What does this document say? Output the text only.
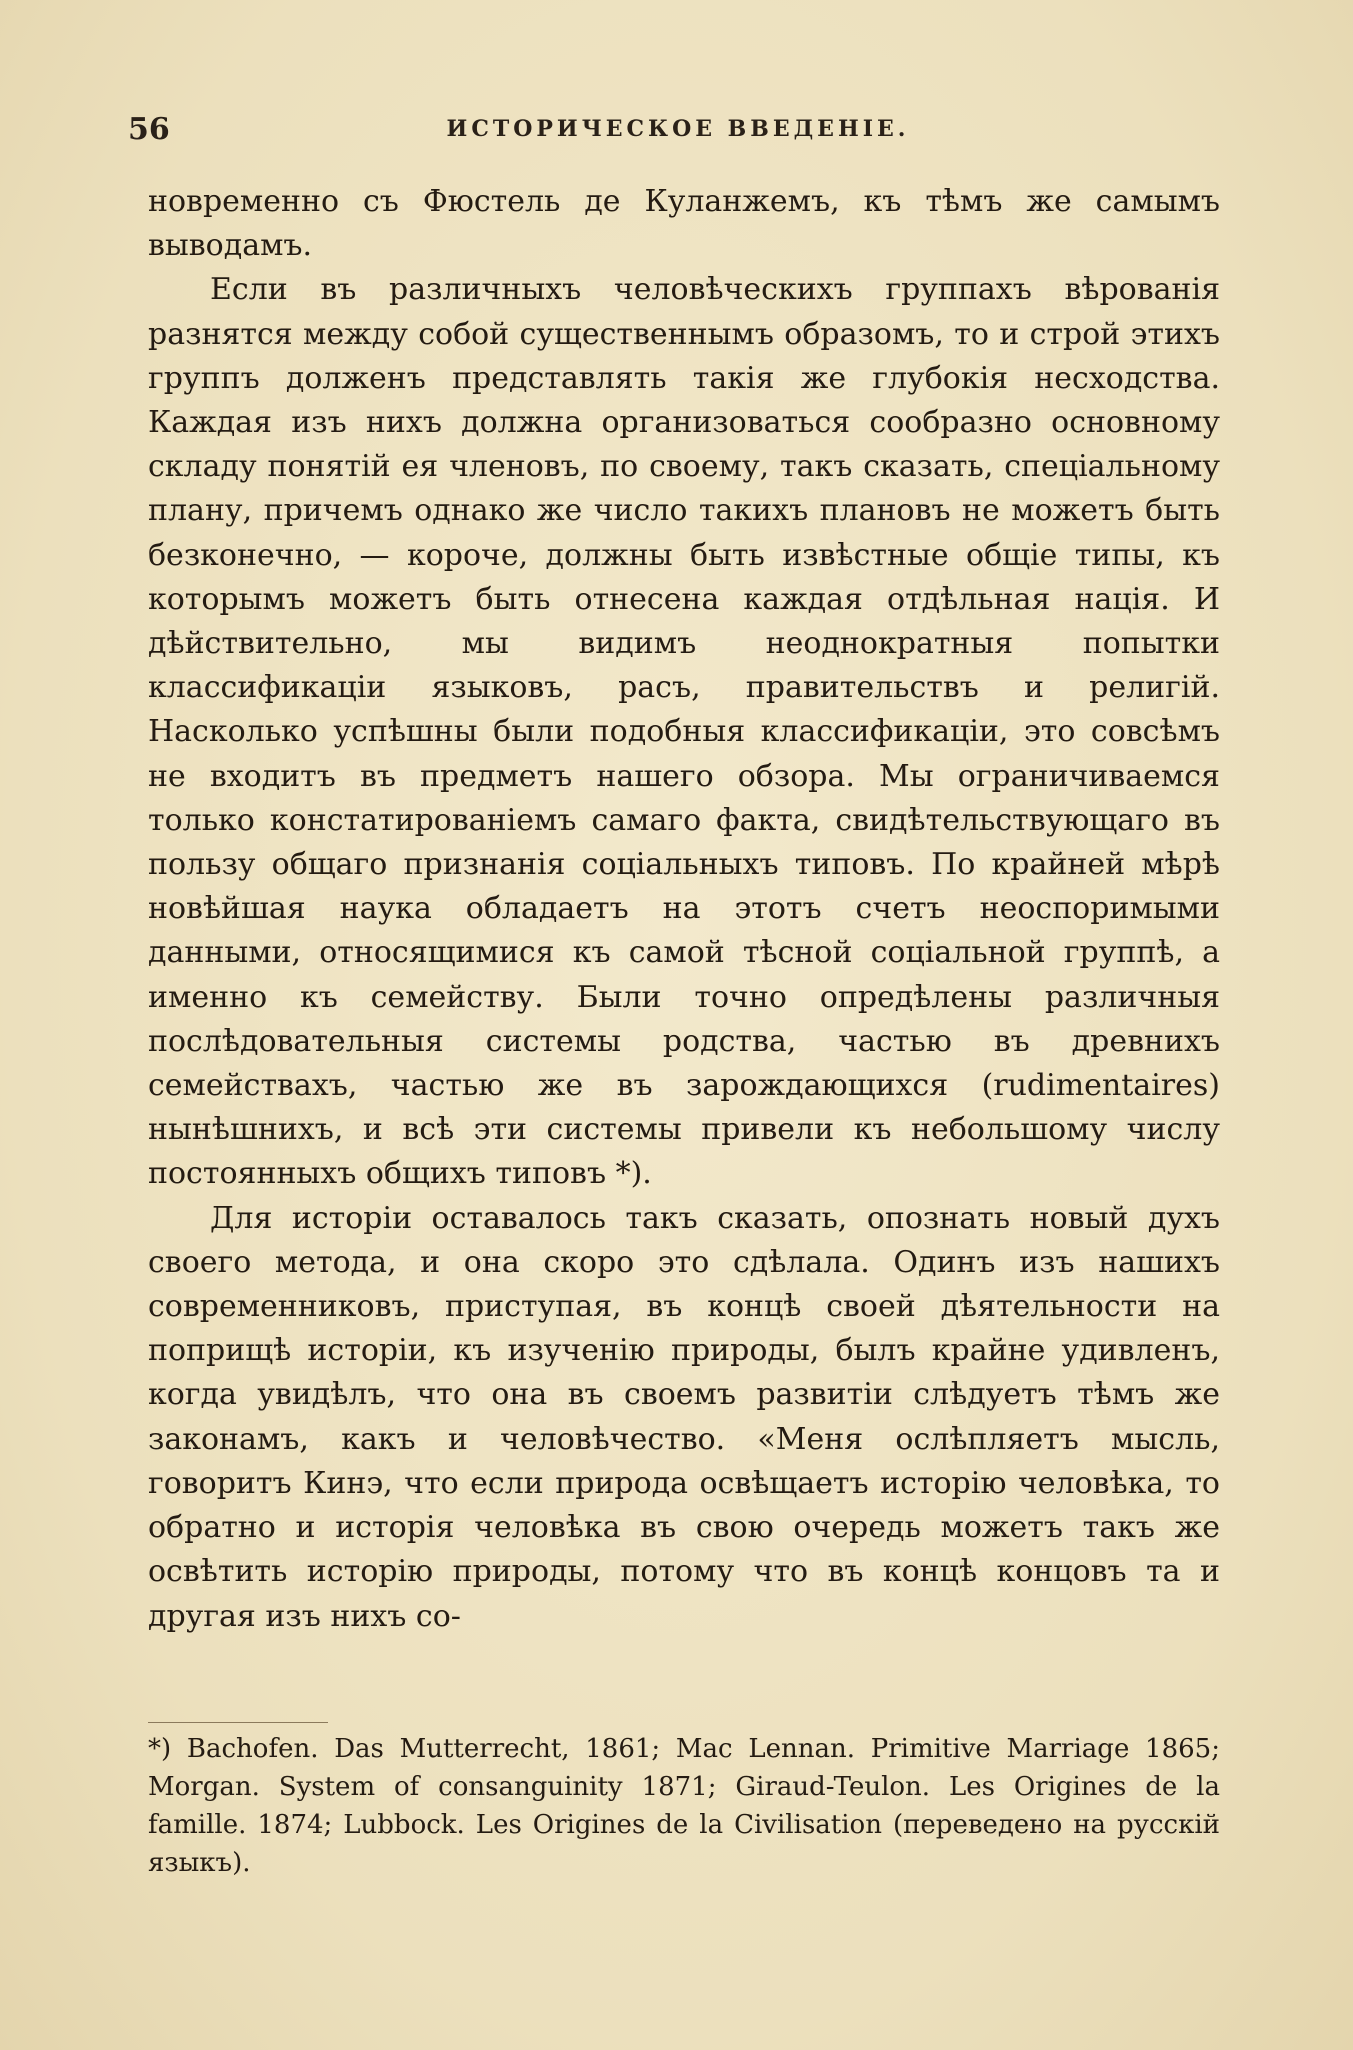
56	ИСТОРИЧЕСКОЕ ВВЕДЕНІЕ.

новременно съ Фюстель де Куланжемъ, къ тѣмъ же самымъ выводамъ.

Если въ различныхъ человѣческихъ группахъ вѣрованія разнятся между собой существеннымъ образомъ, то и строй этихъ группъ долженъ представлять такія же глубокія несходства. Каждая изъ нихъ должна организоваться сообразно основному складу понятій ея членовъ, по своему, такъ сказать, спеціальному плану, причемъ однако же число такихъ плановъ не можетъ быть безконечно, — короче, должны быть извѣстные общіе типы, къ которымъ можетъ быть отнесена каждая отдѣльная нація. И дѣйствительно, мы видимъ неоднократныя попытки классификаціи языковъ, расъ, правительствъ и религій. Насколько успѣшны были подобныя классификаціи, это совсѣмъ не входитъ въ предметъ нашего обзора. Мы ограничиваемся только констатированіемъ самаго факта, свидѣтельствующаго въ пользу общаго признанія соціальныхъ типовъ. По крайней мѣрѣ новѣйшая наука обладаетъ на этотъ счетъ неоспоримыми данными, относящимися къ самой тѣсной соціальной группѣ, а именно къ семейству. Были точно опредѣлены различныя послѣдовательныя системы родства, частью въ древнихъ семействахъ, частью же въ зарождающихся (rudimentaires) нынѣшнихъ, и всѣ эти системы привели къ небольшому числу постоянныхъ общихъ типовъ *).

Для исторіи оставалось такъ сказать, опознать новый духъ своего метода, и она скоро это сдѣлала. Одинъ изъ нашихъ современниковъ, приступая, въ концѣ своей дѣятельности на поприщѣ исторіи, къ изученію природы, былъ крайне удивленъ, когда увидѣлъ, что она въ своемъ развитіи слѣдуетъ тѣмъ же законамъ, какъ и человѣчество. «Меня ослѣпляетъ мысль, говоритъ Кинэ, что если природа освѣщаетъ исторію человѣка, то обратно и исторія человѣка въ свою очередь можетъ такъ же освѣтить исторію природы, потому что въ концѣ концовъ та и другая изъ нихъ со-

*) Bachofen. Das Mutterrecht, 1861; Mac Lennan. Primitive Marriage 1865; Morgan. System of consanguinity 1871; Giraud-Teulon. Les Origines de la famille. 1874; Lubbock. Les Origines de la Civilisation (переведено на русскій языкъ).
